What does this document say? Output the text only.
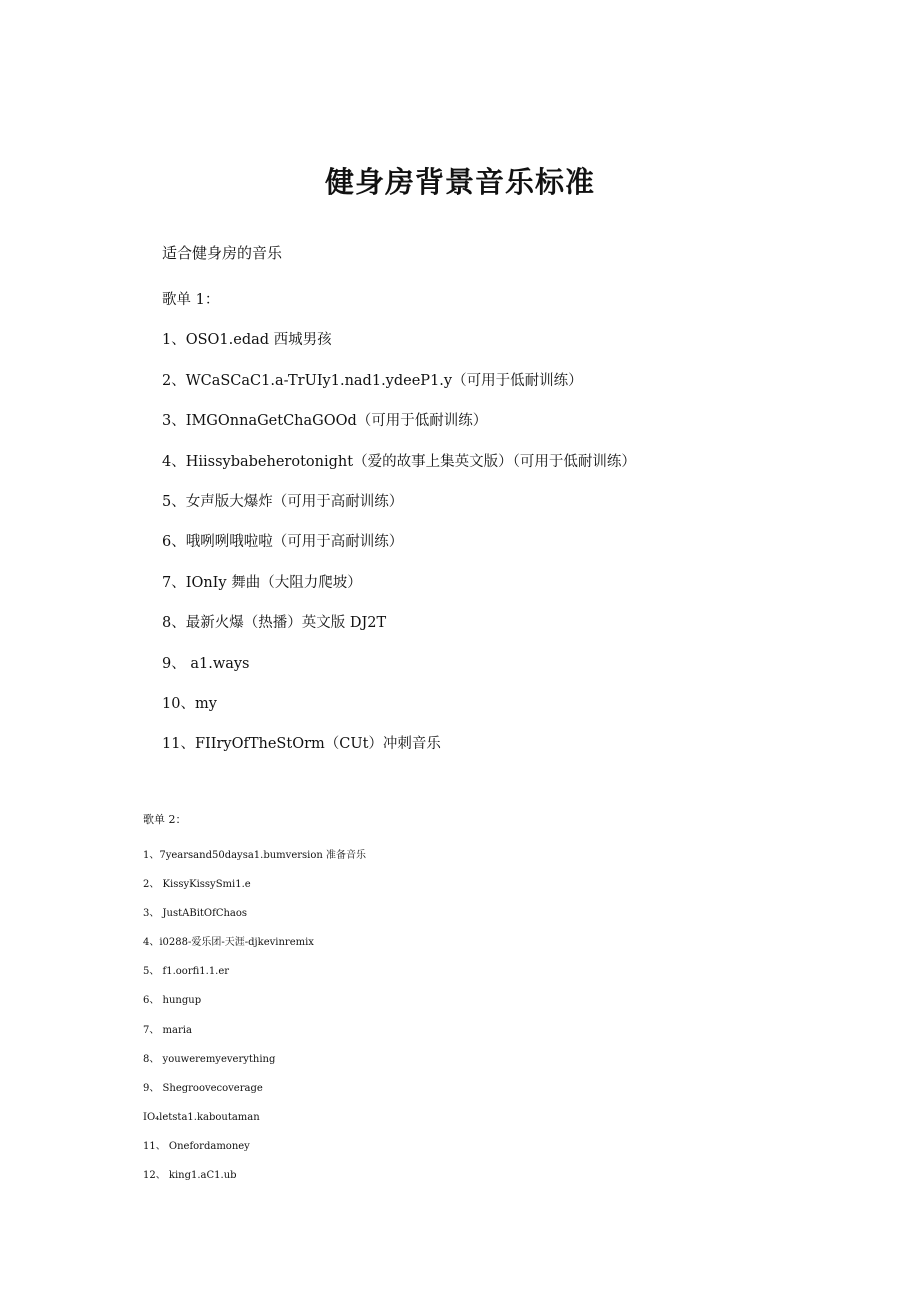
健身房背景音乐标准
适合健身房的音乐
歌单 1：
1、OSO1.edad 西城男孩
2、WCaSCaC1.a-TrUIy1.nad1.ydeeP1.y（可用于低耐训练）
3、IMGOnnaGetChaGOOd（可用于低耐训练）
4、Hiissybabeherotonight（爱的故事上集英文版）（可用于低耐训练）
5、女声版大爆炸（可用于高耐训练）
6、哦咧咧哦啦啦（可用于高耐训练）
7、IOnIy 舞曲（大阻力爬坡）
8、最新火爆（热播）英文版 DJ2T
9、 a1.ways
10、my
11、FIIryOfTheStOrm（CUt）冲刺音乐
歌单 2：
1、7yearsand50daysa1.bumversion 准备音乐
2、 KissyKissySmi1.e
3、 JustABitOfChaos
4、i0288-爱乐团-天涯-djkevinremix
5、 f1.oorfi1.1.er
6、 hungup
7、 maria
8、 youweremyeverything
9、 Shegroovecoverage
IO₄letsta1.kaboutaman
11、 Onefordamoney
12、 king1.aC1.ub
